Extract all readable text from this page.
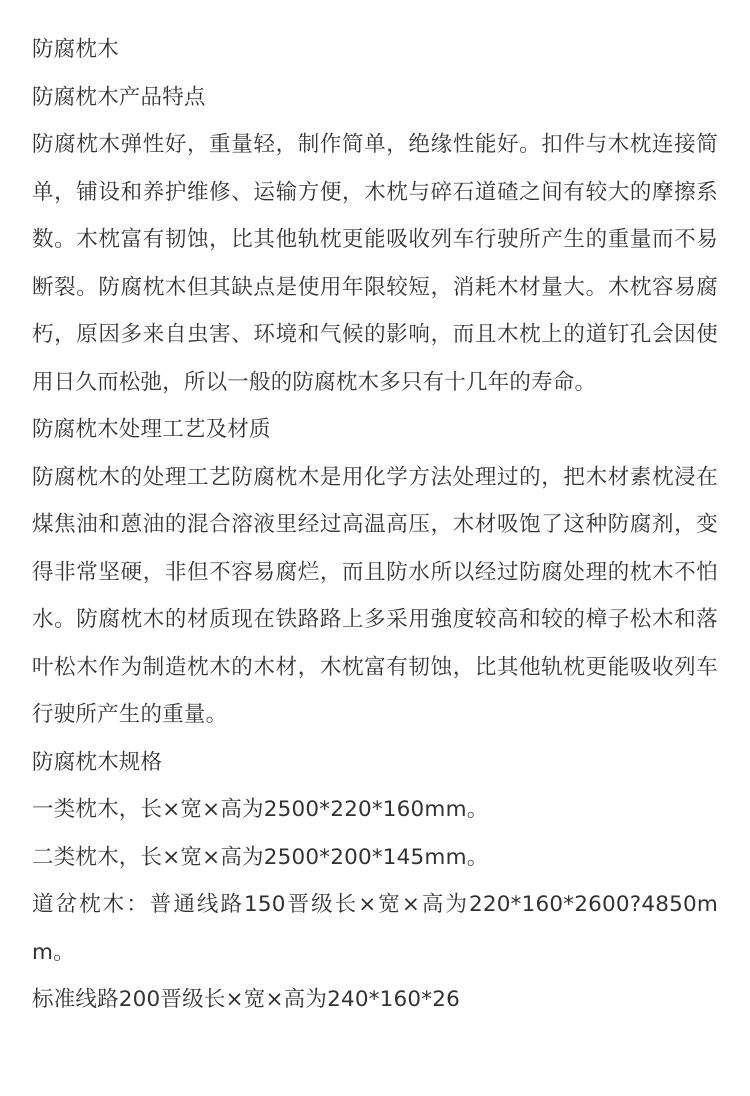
防腐枕木

防腐枕木产品特点

防腐枕木弹性好，重量轻，制作简单，绝缘性能好。扣件与木枕连接简单，铺设和养护维修、运输方便，木枕与碎石道碴之间有较大的摩擦系数。木枕富有韧蚀，比其他轨枕更能吸收列车行驶所产生的重量而不易断裂。防腐枕木但其缺点是使用年限较短，消耗木材量大。木枕容易腐朽，原因多来自虫害、环境和气候的影响，而且木枕上的道钉孔会因使用日久而松弛，所以一般的防腐枕木多只有十几年的寿命。

防腐枕木处理工艺及材质

防腐枕木的处理工艺防腐枕木是用化学方法处理过的，把木材素枕浸在煤焦油和蒽油的混合溶液里经过高温高压，木材吸饱了这种防腐剂，变得非常坚硬，非但不容易腐烂，而且防水所以经过防腐处理的枕木不怕水。防腐枕木的材质现在铁路路上多采用強度较高和较的樟子松木和落叶松木作为制造枕木的木材，木枕富有韧蚀，比其他轨枕更能吸收列车行驶所产生的重量。

防腐枕木规格

一类枕木，长×宽×高为2500*220*160mm。

二类枕木，长×宽×高为2500*200*145mm。

道岔枕木：普通线路150晋级长×宽×高为220*160*2600?4850mm。

标准线路200晋级长×宽×高为240*160*26
